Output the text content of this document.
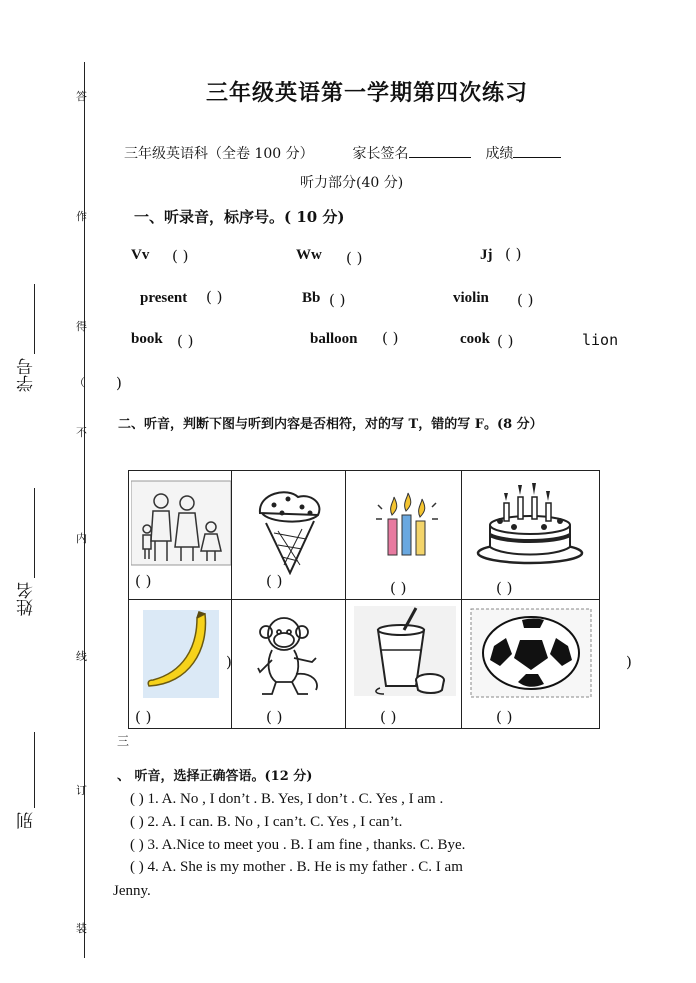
答
作
得
（
不
内
线
订
装
学号
姓名
别
三年级英语第一学期第四次练习
三年级英语科（全卷 100 分）	家长签名	成绩
听力部分(40 分)
一、听录音，标序号。( 10 分)
Vv ( )	Ww ( )	Jj ( )
present ( )	Bb ( )	violin ( )
book ( )	balloon ( )	cook ( )	lion
)
二、听音，判断下图与听到内容是否相符，对的写 T，错的写 F。(8 分）
( )	( )	( )	( )
( )	( )	( )	( )
)	)
三
、 听音，选择正确答语。(12 分)
( ) 1. A. No , I don’t . B. Yes, I don’t . C. Yes , I am .
( ) 2. A. I can. B. No , I can’t. C. Yes , I can’t.
( ) 3. A.Nice to meet you . B. I am fine , thanks. C. Bye.
( ) 4. A. She is my mother . B. He is my father . C. I am
Jenny.
